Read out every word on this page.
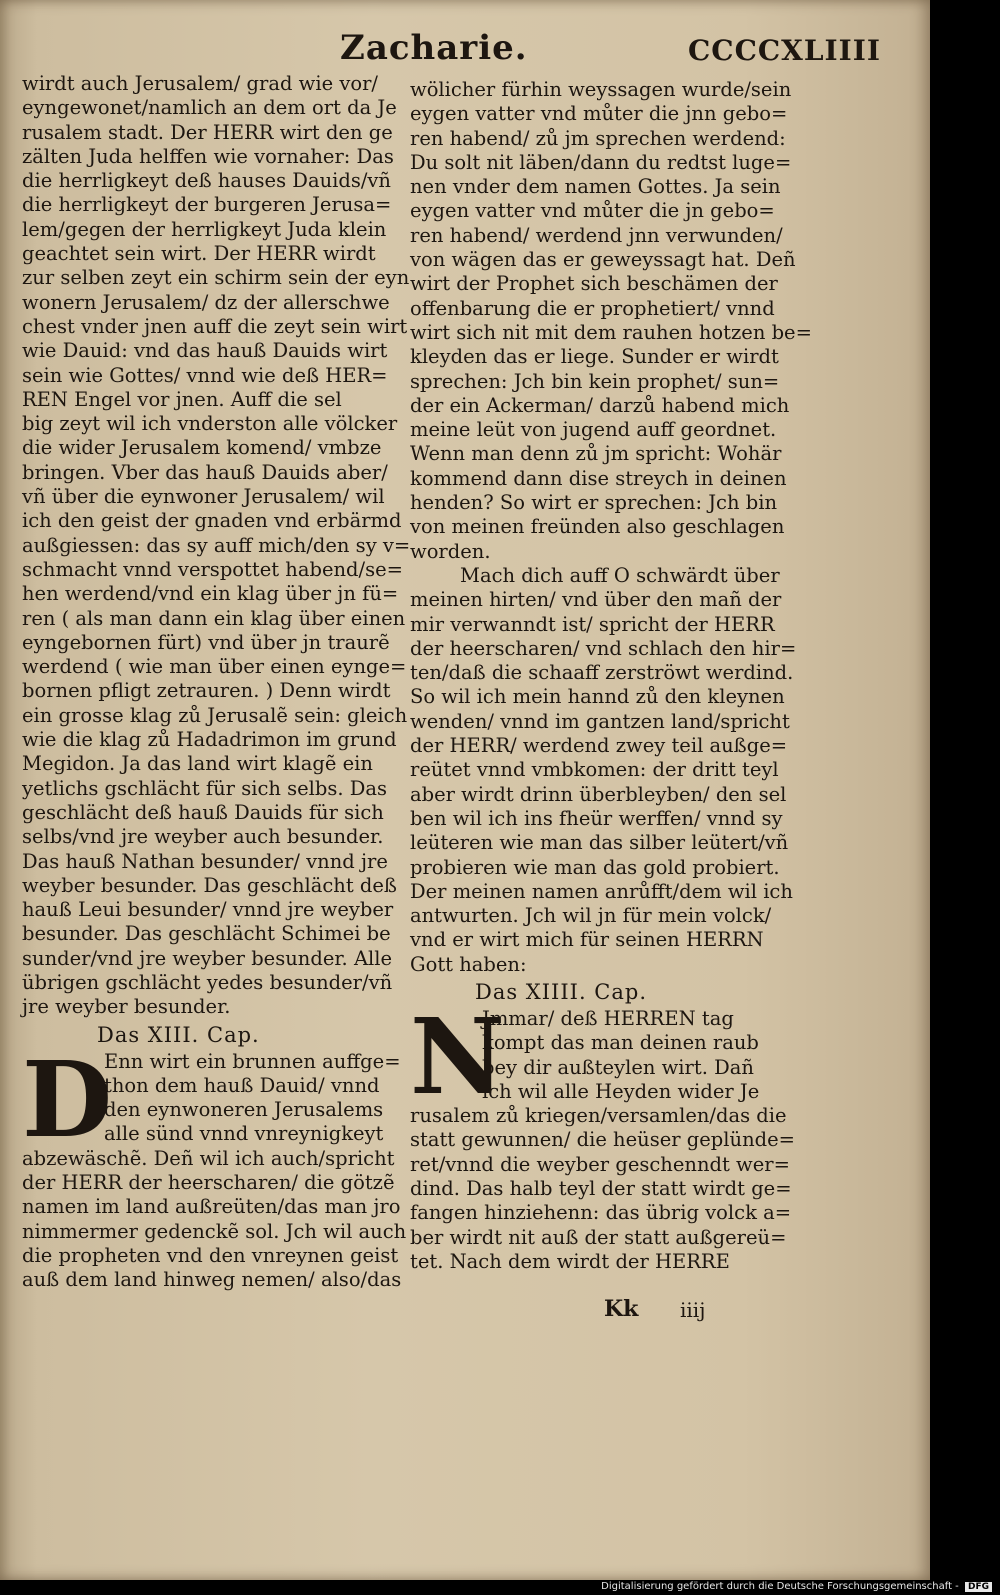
Zacharie.	CCCCXLIIII
wirdt auch Jerusalem/ grad wie vor/
eyngewonet/namlich an dem ort da Je
rusalem stadt. Der HERR wirt den ge
zälten Juda helffen wie vornaher: Das
die herrligkeyt deß hauses Dauids/vñ
die herrligkeyt der burgeren Jerusa=
lem/gegen der herrligkeyt Juda klein
geachtet sein wirt. Der HERR wirdt
zur selben zeyt ein schirm sein der eyn
wonern Jerusalem/ dz der allerschwe
chest vnder jnen auff die zeyt sein wirt
wie Dauid: vnd das hauß Dauids wirt
sein wie Gottes/ vnnd wie deß HER=
REN Engel vor jnen. Auff die sel
big zeyt wil ich vnderston alle völcker
die wider Jerusalem komend/ vmbze
bringen. Vber das hauß Dauids aber/
vñ über die eynwoner Jerusalem/ wil
ich den geist der gnaden vnd erbärmd
außgiessen: das sy auff mich/den sy v=
schmacht vnnd verspottet habend/se=
hen werdend/vnd ein klag über jn fü=
ren ( als man dann ein klag über einen
eyngebornen fürt) vnd über jn traurẽ
werdend ( wie man über einen eynge=
bornen pfligt zetrauren. ) Denn wirdt
ein grosse klag zů Jerusalẽ sein: gleich
wie die klag zů Hadadrimon im grund
Megidon. Ja das land wirt klagẽ ein
yetlichs gschlächt für sich selbs. Das
geschlächt deß hauß Dauids für sich
selbs/vnd jre weyber auch besunder.
Das hauß Nathan besunder/ vnnd jre
weyber besunder. Das geschlächt deß
hauß Leui besunder/ vnnd jre weyber
besunder. Das geschlächt Schimei be
sunder/vnd jre weyber besunder. Alle
übrigen gschlächt yedes besunder/vñ
jre weyber besunder.
Das XIII. Cap.
D
Enn wirt ein brunnen auffge=
thon dem hauß Dauid/ vnnd
den eynwoneren Jerusalems
alle sünd vnnd vnreynigkeyt
abzewäschẽ. Deñ wil ich auch/spricht
der HERR der heerscharen/ die götzẽ
namen im land außreüten/das man jro
nimmermer gedenckẽ sol. Jch wil auch
die propheten vnd den vnreynen geist
auß dem land hinweg nemen/ also/das
wölicher fürhin weyssagen wurde/sein
eygen vatter vnd můter die jnn gebo=
ren habend/ zů jm sprechen werdend:
Du solt nit läben/dann du redtst luge=
nen vnder dem namen Gottes. Ja sein
eygen vatter vnd můter die jn gebo=
ren habend/ werdend jnn verwunden/
von wägen das er geweyssagt hat. Deñ
wirt der Prophet sich beschämen der
offenbarung die er prophetiert/ vnnd
wirt sich nit mit dem rauhen hotzen be=
kleyden das er liege. Sunder er wirdt
sprechen: Jch bin kein prophet/ sun=
der ein Ackerman/ darzů habend mich
meine leüt von jugend auff geordnet.
Wenn man denn zů jm spricht: Wohär
kommend dann dise streych in deinen
henden? So wirt er sprechen: Jch bin
von meinen freünden also geschlagen
worden.
Mach dich auff O schwärdt über
meinen hirten/ vnd über den mañ der
mir verwanndt ist/ spricht der HERR
der heerscharen/ vnd schlach den hir=
ten/daß die schaaff zerströwt werdind.
So wil ich mein hannd zů den kleynen
wenden/ vnnd im gantzen land/spricht
der HERR/ werdend zwey teil außge=
reütet vnnd vmbkomen: der dritt teyl
aber wirdt drinn überbleyben/ den sel
ben wil ich ins fheür werffen/ vnnd sy
leüteren wie man das silber leütert/vñ
probieren wie man das gold probiert.
Der meinen namen anrůfft/dem wil ich
antwurten. Jch wil jn für mein volck/
vnd er wirt mich für seinen HERRN
Gott haben:
Das XIIII. Cap.
N
Jmmar/ deß HERREN tag
kompt das man deinen raub
bey dir außteylen wirt. Dañ
ich wil alle Heyden wider Je
rusalem zů kriegen/versamlen/das die
statt gewunnen/ die heüser geplünde=
ret/vnnd die weyber geschenndt wer=
dind. Das halb teyl der statt wirdt ge=
fangen hinziehenn: das übrig volck a=
ber wirdt nit auß der statt außgereü=
tet. Nach dem wirdt der HERRE
Kk iiij
Digitalisierung gefördert durch die Deutsche Forschungsgemeinschaft - DFG
